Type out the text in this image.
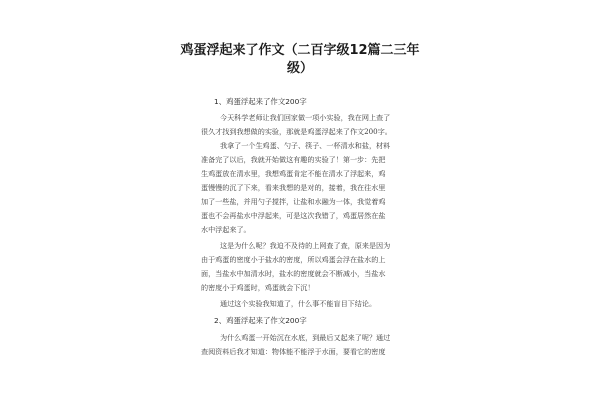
鸡蛋浮起来了作文（二百字级12篇二三年
级）
1、鸡蛋浮起来了作文200字
今天科学老师让我们回家做一项小实验，我在网上查了
很久才找到我想做的实验，那就是鸡蛋浮起来了作文200字。
我拿了一个生鸡蛋、勺子、筷子、一杯清水和盐，材料
准备完了以后，我就开始做这有趣的实验了！第一步：先把
生鸡蛋放在清水里，我想鸡蛋肯定不能在清水了浮起来，鸡
蛋慢慢的沉了下来，看来我想的是对的，接着，我在往水里
加了一些盐，并用勺子搅拌，让盐和水融为一体，我觉着鸡
蛋也不会再盐水中浮起来，可是这次我错了，鸡蛋居然在盐
水中浮起来了。
这是为什么呢？我迫不及待的上网查了查，原来是因为
由于鸡蛋的密度小于盐水的密度，所以鸡蛋会浮在盐水的上
面，当盐水中加清水时，盐水的密度就会不断减小，当盐水
的密度小于鸡蛋时，鸡蛋就会下沉！
通过这个实验我知道了，什么事不能盲目下结论。
2、鸡蛋浮起来了作文200字
为什么鸡蛋一开始沉在水底，到最后又起来了呢？通过
查阅资料后我才知道：物体能不能浮于水面，要看它的密度
